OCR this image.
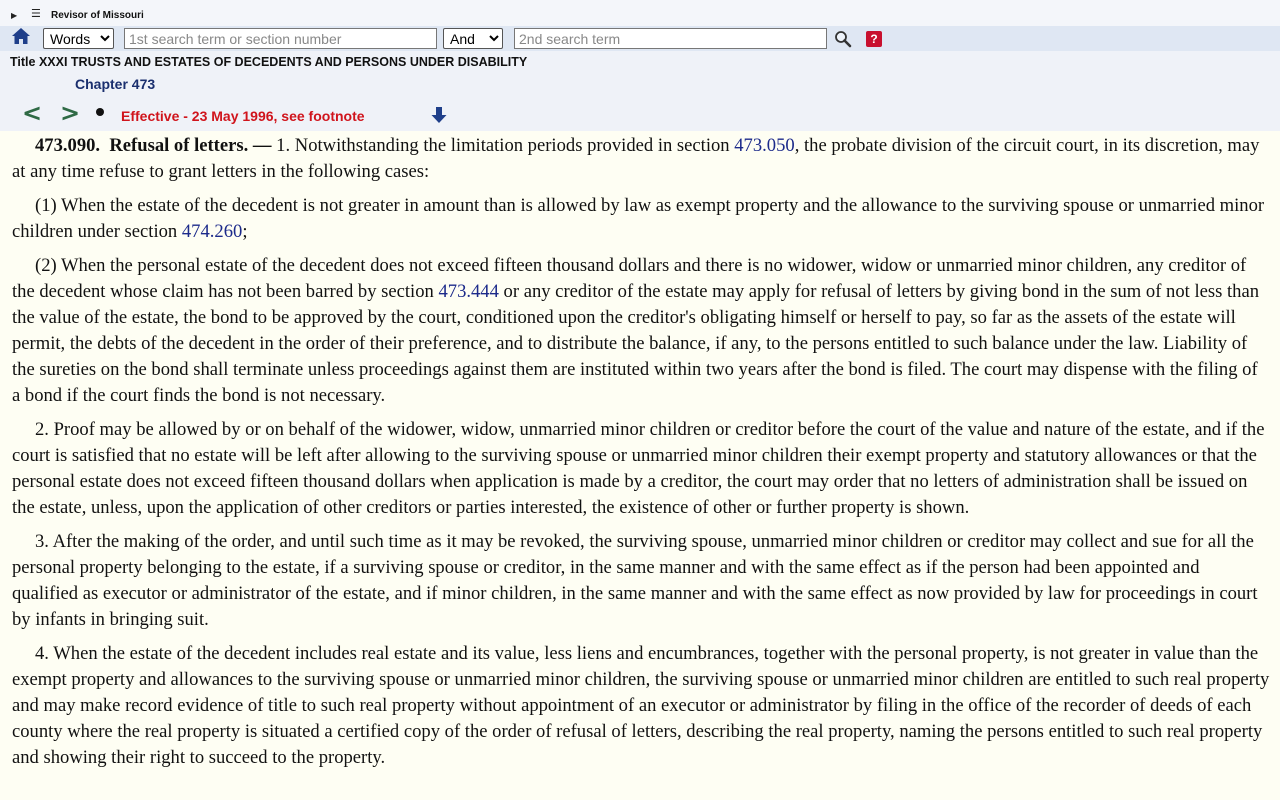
▶ ☰ Revisor of Missouri
Words
1st search term or section number
And
2nd search term
?
Title XXXI TRUSTS AND ESTATES OF DECEDENTS AND PERSONS UNDER DISABILITY
Chapter 473
< >	Effective - 23 May 1996, see footnote

473.090. Refusal of letters. — 1. Notwithstanding the limitation periods provided in section 473.050, the probate division of the circuit court, in its discretion, may at any time refuse to grant letters in the following cases:

(1) When the estate of the decedent is not greater in amount than is allowed by law as exempt property and the allowance to the surviving spouse or unmarried minor children under section 474.260;

(2) When the personal estate of the decedent does not exceed fifteen thousand dollars and there is no widower, widow or unmarried minor children, any creditor of the decedent whose claim has not been barred by section 473.444 or any creditor of the estate may apply for refusal of letters by giving bond in the sum of not less than the value of the estate, the bond to be approved by the court, conditioned upon the creditor's obligating himself or herself to pay, so far as the assets of the estate will permit, the debts of the decedent in the order of their preference, and to distribute the balance, if any, to the persons entitled to such balance under the law. Liability of the sureties on the bond shall terminate unless proceedings against them are instituted within two years after the bond is filed. The court may dispense with the filing of a bond if the court finds the bond is not necessary.

2. Proof may be allowed by or on behalf of the widower, widow, unmarried minor children or creditor before the court of the value and nature of the estate, and if the court is satisfied that no estate will be left after allowing to the surviving spouse or unmarried minor children their exempt property and statutory allowances or that the personal estate does not exceed fifteen thousand dollars when application is made by a creditor, the court may order that no letters of administration shall be issued on the estate, unless, upon the application of other creditors or parties interested, the existence of other or further property is shown.

3. After the making of the order, and until such time as it may be revoked, the surviving spouse, unmarried minor children or creditor may collect and sue for all the personal property belonging to the estate, if a surviving spouse or creditor, in the same manner and with the same effect as if the person had been appointed and qualified as executor or administrator of the estate, and if minor children, in the same manner and with the same effect as now provided by law for proceedings in court by infants in bringing suit.

4. When the estate of the decedent includes real estate and its value, less liens and encumbrances, together with the personal property, is not greater in value than the exempt property and allowances to the surviving spouse or unmarried minor children, the surviving spouse or unmarried minor children are entitled to such real property and may make record evidence of title to such real property without appointment of an executor or administrator by filing in the office of the recorder of deeds of each county where the real property is situated a certified copy of the order of refusal of letters, describing the real property, naming the persons entitled to such real property and showing their right to succeed to the property.
